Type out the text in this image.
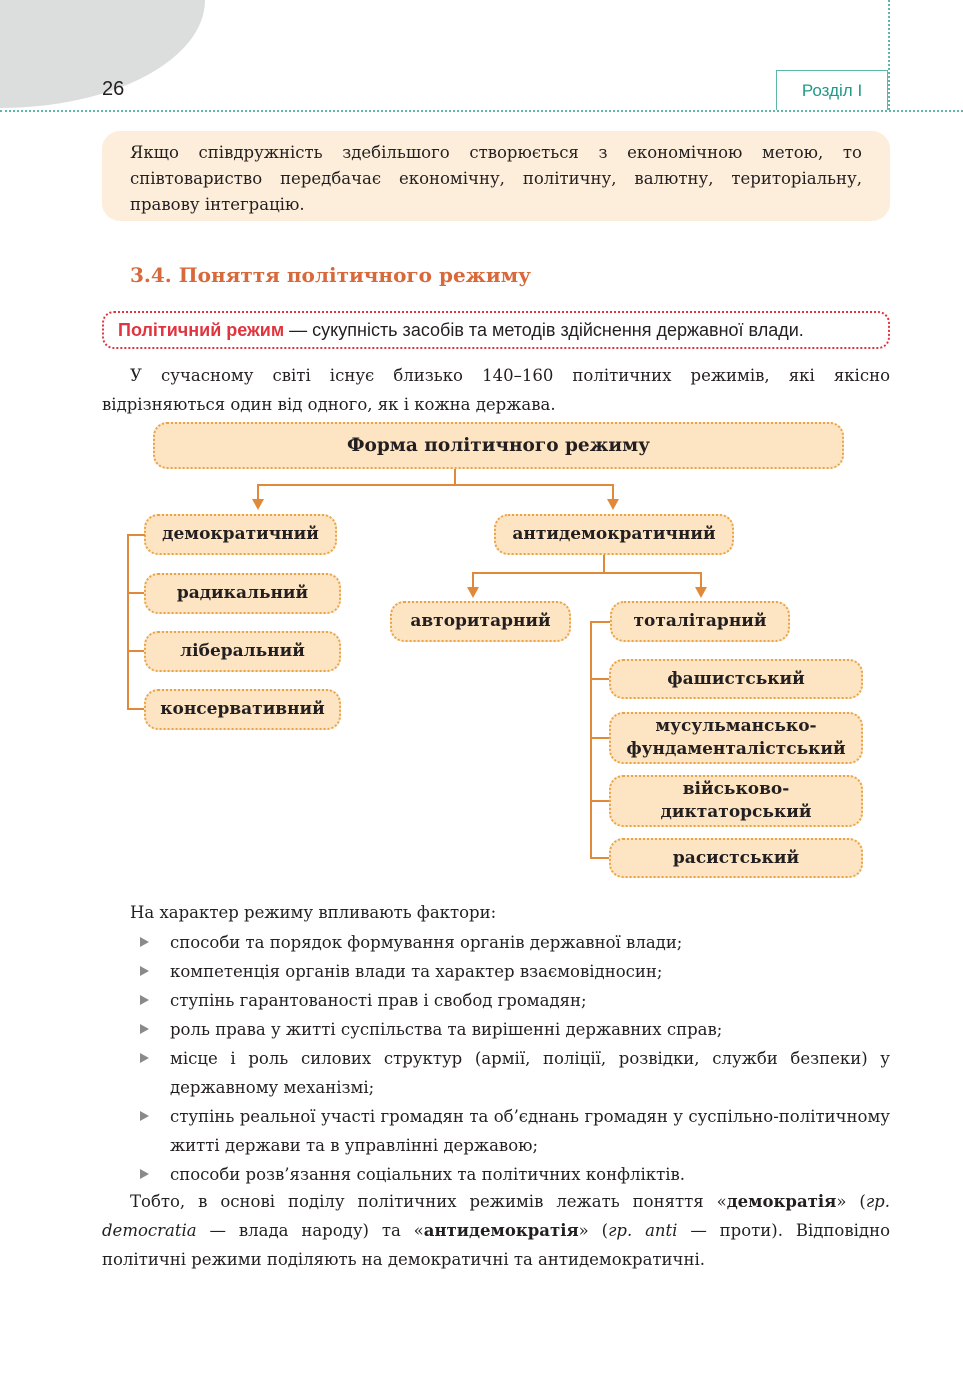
26	Розділ І
Якщо співдружність здебільшого створюється з економічною метою, то співтовариство передбачає економічну, політичну, валютну, територіальну, правову інтеграцію.
3.4. Поняття політичного режиму
Політичний режим — сукупність засобів та методів здійснення державної влади.

У сучасному світі існує близько 140–160 політичних режимів, які якісно відрізняються один від одного, як і кожна держава.

Форма політичного режиму
демократичний
радикальний
ліберальний
консервативний
антидемократичний
авторитарний	тоталітарний
фашистський
мусульмансько-фундаменталістський
військово-диктаторський
расистський

На характер режиму впливають фактори:

способи та порядок формування органів державної влади;
компетенція органів влади та характер взаємовідносин;
ступінь гарантованості прав і свобод громадян;
роль права у житті суспільства та вирішенні державних справ;
місце і роль силових структур (армії, поліції, розвідки, служби безпеки) у державному механізмі;
ступінь реальної участі громадян та об’єднань громадян у суспільно-політичному житті держави та в управлінні державою;
способи розв’язання соціальних та політичних конфліктів.

Тобто, в основі поділу політичних режимів лежать поняття «демократія» (гр. democratia — влада народу) та «антидемократія» (гр. anti — проти). Відповідно політичні режими поділяють на демократичні та антидемократичні.
